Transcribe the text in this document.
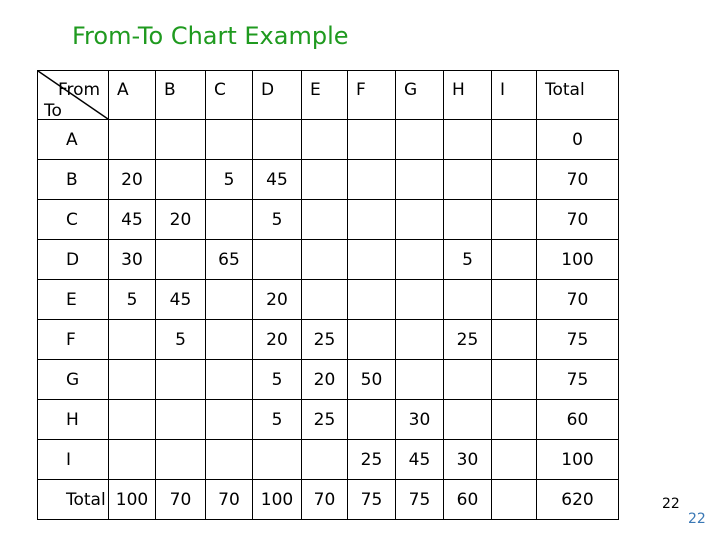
From-To Chart Example
From
To	A	B	C	D	E	F	G	H	I	Total
A										0
B	20		5	45						70
C	45	20		5						70
D	30		65					5		100
E	5	45		20						70
F		5		20	25			25		75
G				5	20	50				75
H				5	25		30			60
I						25	45	30		100
Total	100	70	70	100	70	75	75	60		620	22
22
